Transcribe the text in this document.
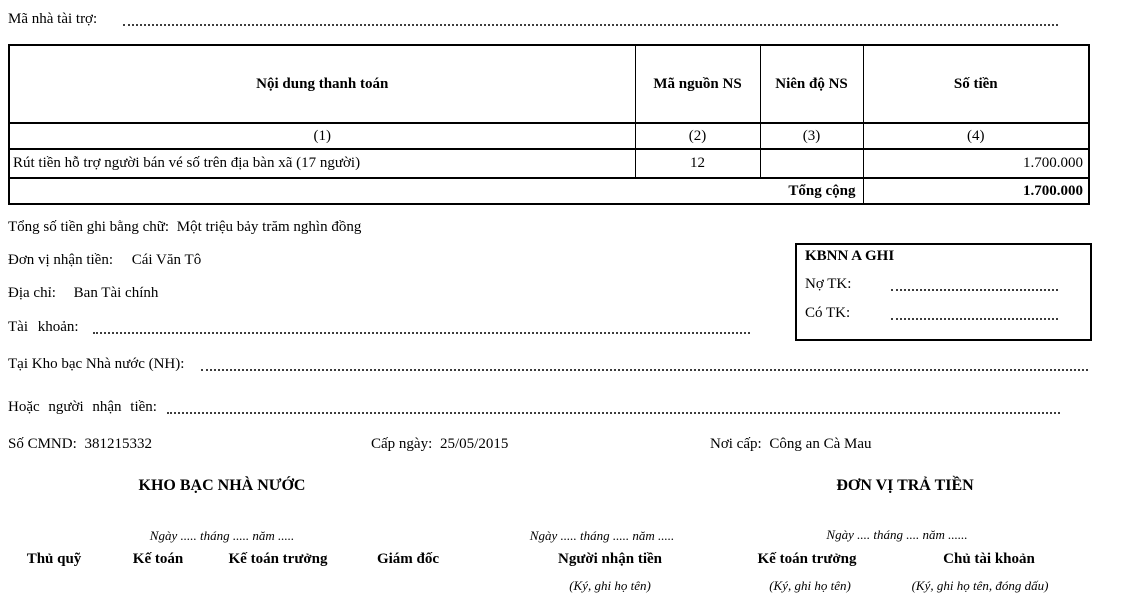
Mã nhà tài trợ:
Nội dung thanh toán	Mã nguồn NS	Niên độ NS	Số tiền
(1)	(2)	(3)	(4)
Rút tiền hỗ trợ người bán vé số trên địa bàn xã (17 người)	12		1.700.000
Tổng cộng			1.700.000
Tổng số tiền ghi bằng chữ: Một triệu bảy trăm nghìn đồng
Đơn vị nhận tiền: Cái Văn Tô
Địa chỉ: Ban Tài chính
Tài khoản:
Tại Kho bạc Nhà nước (NH):
Hoặc người nhận tiền:
Số CMND: 381215332	Cấp ngày: 25/05/2015	Nơi cấp: Công an Cà Mau
KBNN A GHI
Nợ TK:
Có TK:
KHO BẠC NHÀ NƯỚC	ĐƠN VỊ TRẢ TIỀN
Ngày ..... tháng ..... năm .....	Ngày ..... tháng ..... năm .....	Ngày .... tháng .... năm ......
Thủ quỹ	Kế toán	Kế toán trưởng	Giám đốc	Người nhận tiền	Kế toán trưởng	Chủ tài khoản
(Ký, ghi họ tên)	(Ký, ghi họ tên)	(Ký, ghi họ tên, đóng dấu)
